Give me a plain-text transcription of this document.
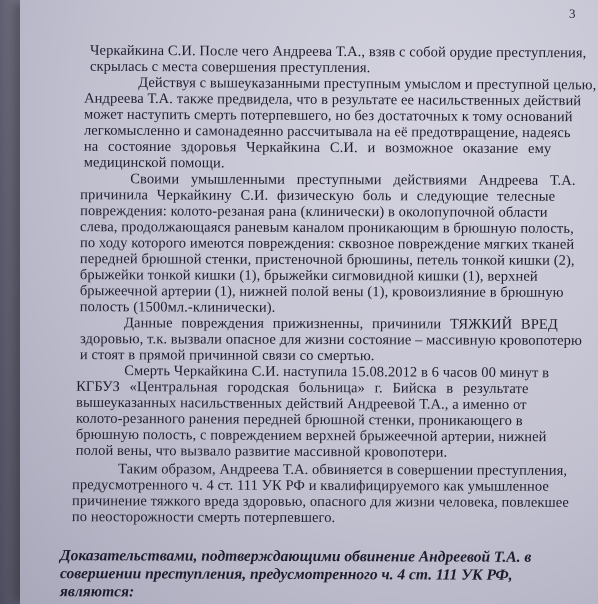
3
Черкайкина С.И. После чего Андреева Т.А., взяв с собой орудие преступления,
скрылась с места совершения преступления.
Действуя с вышеуказанными преступным умыслом и преступной целью,
Андреева Т.А. также предвидела, что в результате ее насильственных действий
может наступить смерть потерпевшего, но без достаточных к тому оснований
легкомысленно и самонадеянно рассчитывала на её предотвращение, надеясь
на состояние здоровья Черкайкина С.И. и возможное оказание ему
медицинской помощи.
Своими умышленными преступными действиями Андреева Т.А.
причинила Черкайкину С.И. физическую боль и следующие телесные
повреждения: колото-резаная рана (клинически) в околопупочной области
слева, продолжающаяся раневым каналом проникающим в брюшную полость,
по ходу которого имеются повреждения: сквозное повреждение мягких тканей
передней брюшной стенки, пристеночной брюшины, петель тонкой кишки (2),
брыжейки тонкой кишки (1), брыжейки сигмовидной кишки (1), верхней
брыжеечной артерии (1), нижней полой вены (1), кровоизлияние в брюшную
полость (1500мл.-клинически).
Данные повреждения прижизненны, причинили ТЯЖКИЙ ВРЕД
здоровью, т.к. вызвали опасное для жизни состояние – массивную кровопотерю
и стоят в прямой причинной связи со смертью.
Смерть Черкайкина С.И. наступила 15.08.2012 в 6 часов 00 минут в
КГБУЗ «Центральная городская больница» г. Бийска в результате
вышеуказанных насильственных действий Андреевой Т.А., а именно от
колото-резанного ранения передней брюшной стенки, проникающего в
брюшную полость, с повреждением верхней брыжеечной артерии, нижней
полой вены, что вызвало развитие массивной кровопотери.
Таким образом, Андреева Т.А. обвиняется в совершении преступления,
предусмотренного ч. 4 ст. 111 УК РФ и квалифицируемого как умышленное
причинение тяжкого вреда здоровью, опасного для жизни человека, повлекшее
по неосторожности смерть потерпевшего.
Доказательствами, подтверждающими обвинение Андреевой Т.А. в
совершении преступления, предусмотренного ч. 4 ст. 111 УК РФ,
являются:
